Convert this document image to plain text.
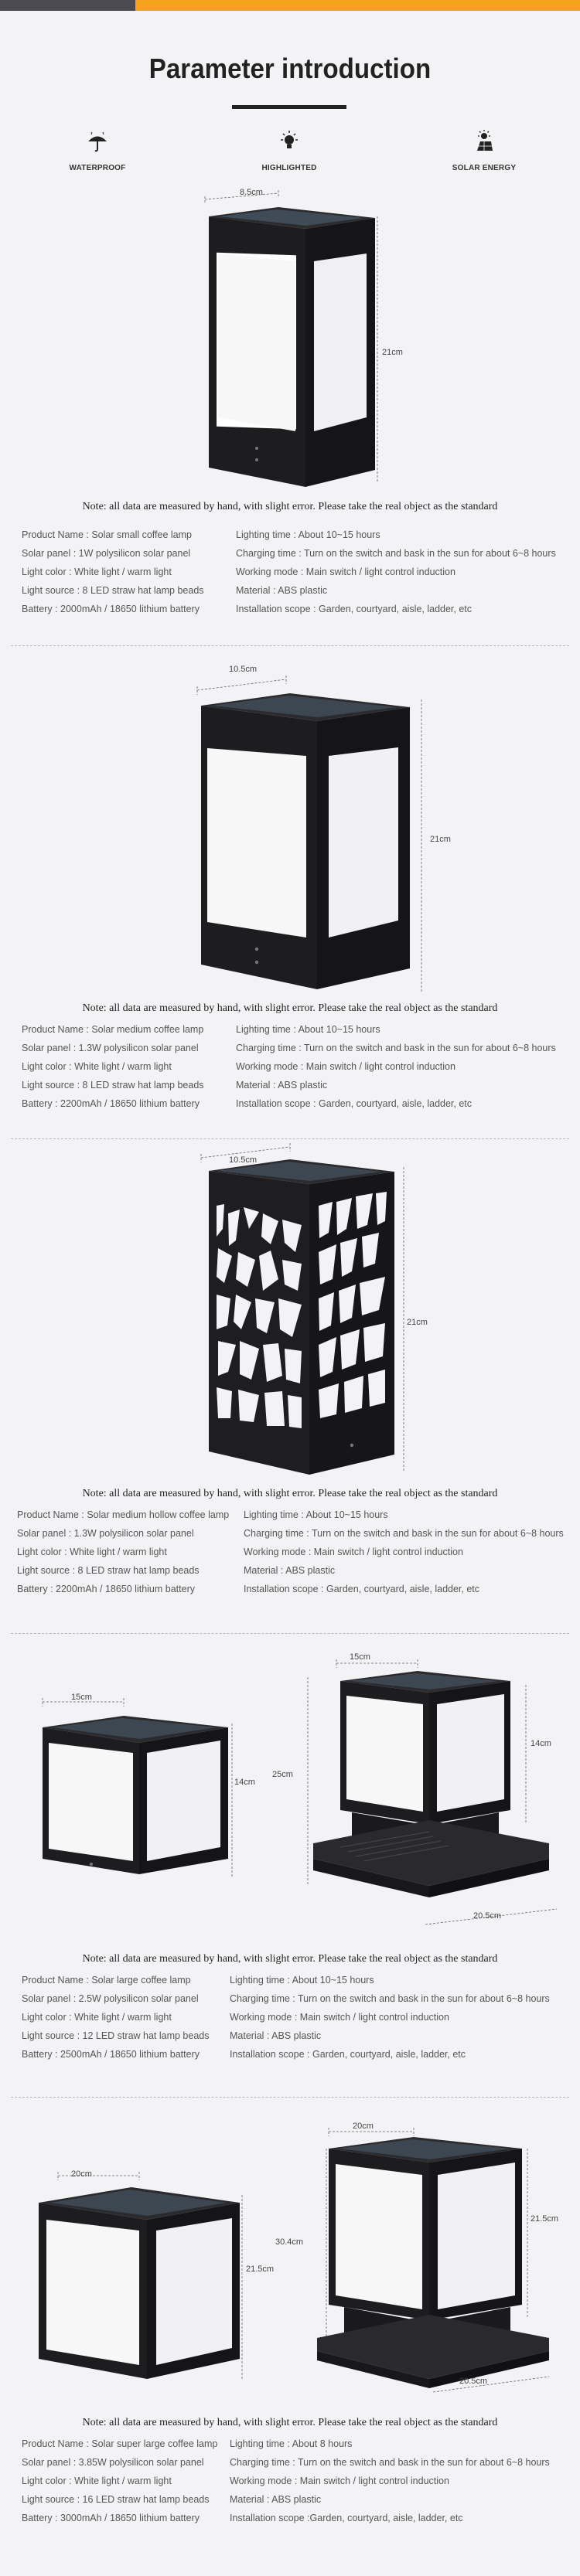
Parameter introduction
WATERPROOF	HIGHLIGHTED	SOLAR ENERGY
8.5cm
21cm
Note: all data are measured by hand, with slight error. Please take the real object as the standard
Product Name : Solar small coffee lamp
Solar panel : 1W polysilicon solar panel
Light color : White light / warm light
Light source : 8 LED straw hat lamp beads
Battery : 2000mAh / 18650 lithium battery
Lighting time : About 10~15 hours
Charging time : Turn on the switch and bask in the sun for about 6~8 hours
Working mode : Main switch / light control induction
Material : ABS plastic
Installation scope : Garden, courtyard, aisle, ladder, etc
10.5cm
21cm
Note: all data are measured by hand, with slight error. Please take the real object as the standard
Product Name : Solar medium coffee lamp
Solar panel : 1.3W polysilicon solar panel
Light color : White light / warm light
Light source : 8 LED straw hat lamp beads
Battery : 2200mAh / 18650 lithium battery
Lighting time : About 10~15 hours
Charging time : Turn on the switch and bask in the sun for about 6~8 hours
Working mode : Main switch / light control induction
Material : ABS plastic
Installation scope : Garden, courtyard, aisle, ladder, etc
10.5cm
21cm
Note: all data are measured by hand, with slight error. Please take the real object as the standard
Product Name : Solar medium hollow coffee lamp
Solar panel : 1.3W polysilicon solar panel
Light color : White light / warm light
Light source : 8 LED straw hat lamp beads
Battery : 2200mAh / 18650 lithium battery
Lighting time : About 10~15 hours
Charging time : Turn on the switch and bask in the sun for about 6~8 hours
Working mode : Main switch / light control induction
Material : ABS plastic
Installation scope : Garden, courtyard, aisle, ladder, etc
15cm
14cm
15cm
14cm
25cm
20.5cm
Note: all data are measured by hand, with slight error. Please take the real object as the standard
Product Name : Solar large coffee lamp
Solar panel : 2.5W polysilicon solar panel
Light color : White light / warm light
Light source : 12 LED straw hat lamp beads
Battery : 2500mAh / 18650 lithium battery
Lighting time : About 10~15 hours
Charging time : Turn on the switch and bask in the sun for about 6~8 hours
Working mode : Main switch / light control induction
Material : ABS plastic
Installation scope : Garden, courtyard, aisle, ladder, etc
20cm
21.5cm
20cm
21.5cm
30.4cm
20.5cm
Note: all data are measured by hand, with slight error. Please take the real object as the standard
Product Name : Solar super large coffee lamp
Solar panel : 3.85W polysilicon solar panel
Light color : White light / warm light
Light source : 16 LED straw hat lamp beads
Battery : 3000mAh / 18650 lithium battery
Lighting time : About 8 hours
Charging time : Turn on the switch and bask in the sun for about 6~8 hours
Working mode : Main switch / light control induction
Material : ABS plastic
Installation scope :Garden, courtyard, aisle, ladder, etc
